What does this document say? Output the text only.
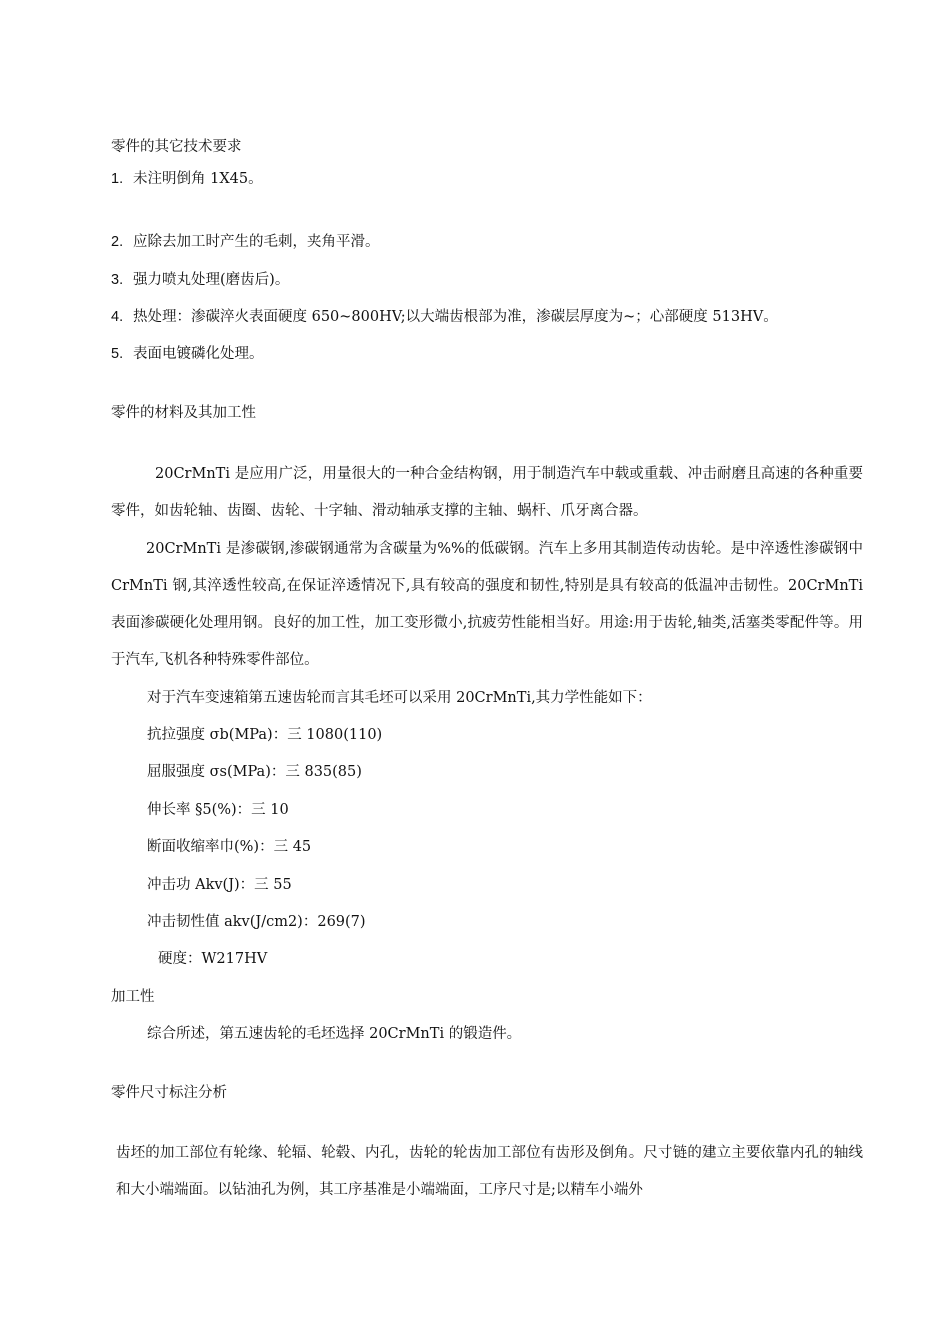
零件的其它技术要求
1. 未注明倒角 1X45。
2. 应除去加工时产生的毛刺，夹角平滑。
3. 强力喷丸处理(磨齿后)。
4. 热处理：渗碳淬火表面硬度 650~800HV;以大端齿根部为准，渗碳层厚度为~；心部硬度 513HV。
5. 表面电镀磷化处理。
零件的材料及其加工性
20CrMnTi 是应用广泛，用量很大的一种合金结构钢，用于制造汽车中载或重载、冲击耐磨且高速的各种重要零件，如齿轮轴、齿圈、齿轮、十字轴、滑动轴承支撑的主轴、蜗杆、爪牙离合器。
20CrMnTi 是渗碳钢,渗碳钢通常为含碳量为%%的低碳钢。汽车上多用其制造传动齿轮。是中淬透性渗碳钢中 CrMnTi 钢,其淬透性较高,在保证淬透情况下,具有较高的强度和韧性,特别是具有较高的低温冲击韧性。20CrMnTi 表面渗碳硬化处理用钢。良好的加工性，加工变形微小,抗疲劳性能相当好。用途:用于齿轮,轴类,活塞类零配件等。用于汽车,飞机各种特殊零件部位。
对于汽车变速箱第五速齿轮而言其毛坯可以采用 20CrMnTi,其力学性能如下：
抗拉强度 σb(MPa)：三 1080(110)
屈服强度 σs(MPa)：三 835(85)
伸长率 §5(%)：三 10
断面收缩率巾(%)：三 45
冲击功 Akv(J)：三 55
冲击韧性值 akv(J/cm2)：269(7)
硬度：W217HV
加工性
综合所述，第五速齿轮的毛坯选择 20CrMnTi 的锻造件。
零件尺寸标注分析
齿坯的加工部位有轮缘、轮辐、轮毂、内孔，齿轮的轮齿加工部位有齿形及倒角。尺寸链的建立主要依靠内孔的轴线和大小端端面。以钻油孔为例，其工序基准是小端端面，工序尺寸是;以精车小端外
